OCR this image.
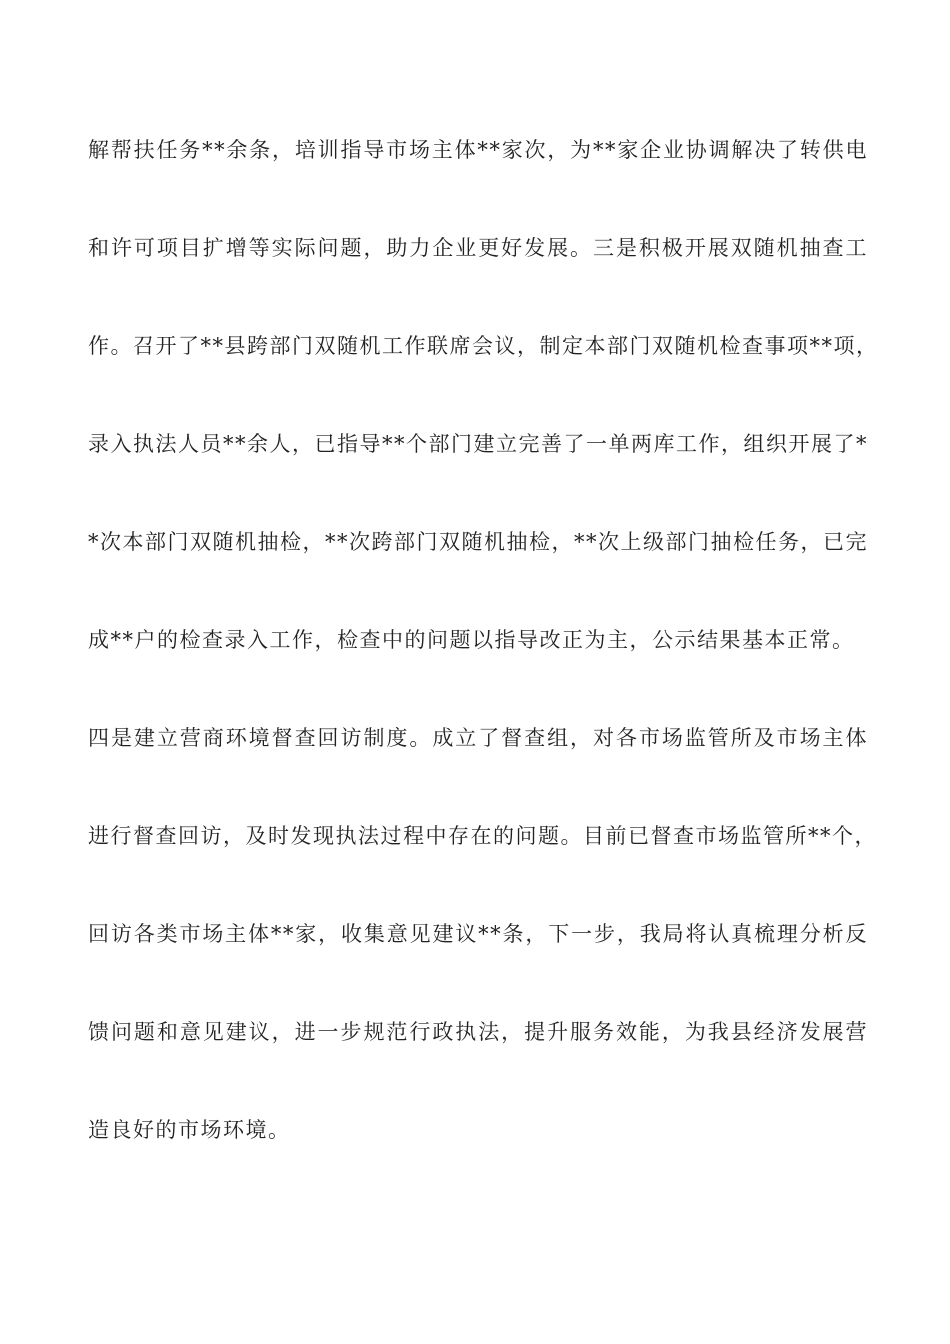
解帮扶任务**余条，培训指导市场主体**家次，为**家企业协调解决了转供电
和许可项目扩增等实际问题，助力企业更好发展。三是积极开展双随机抽查工
作。召开了**县跨部门双随机工作联席会议，制定本部门双随机检查事项**项，
录入执法人员**余人，已指导**个部门建立完善了一单两库工作，组织开展了*
*次本部门双随机抽检，**次跨部门双随机抽检，**次上级部门抽检任务，已完
成**户的检查录入工作，检查中的问题以指导改正为主，公示结果基本正常。
四是建立营商环境督查回访制度。成立了督查组，对各市场监管所及市场主体
进行督查回访，及时发现执法过程中存在的问题。目前已督查市场监管所**个，
回访各类市场主体**家，收集意见建议**条，下一步，我局将认真梳理分析反
馈问题和意见建议，进一步规范行政执法，提升服务效能，为我县经济发展营
造良好的市场环境。
